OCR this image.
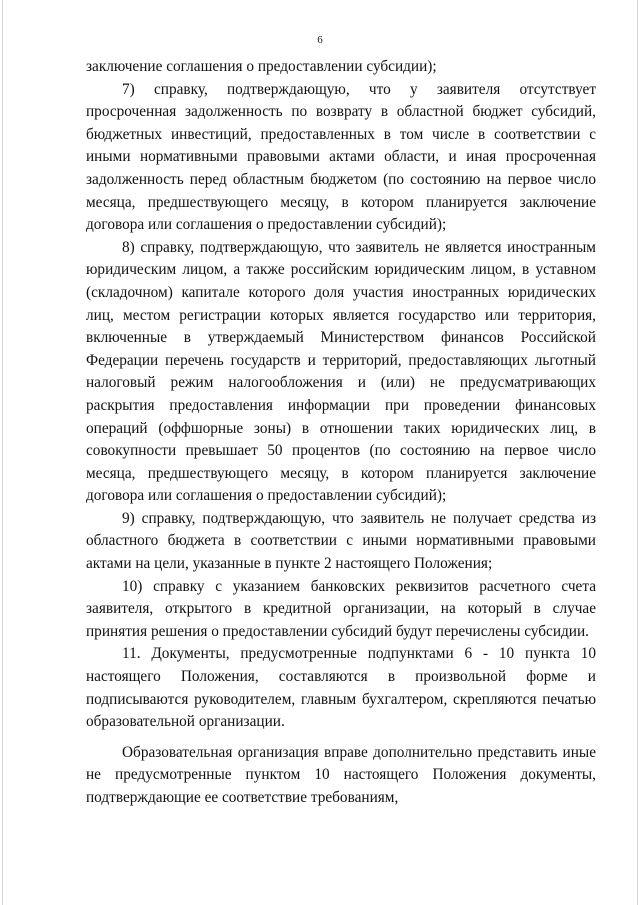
6

заключение соглашения о предоставлении субсидии);

7) справку, подтверждающую, что у заявителя отсутствует просроченная задолженность по возврату в областной бюджет субсидий, бюджетных инвестиций, предоставленных в том числе в соответствии с иными нормативными правовыми актами области, и иная просроченная задолженность перед областным бюджетом (по состоянию на первое число месяца, предшествующего месяцу, в котором планируется заключение договора или соглашения о предоставлении субсидий);

8) справку, подтверждающую, что заявитель не является иностранным юридическим лицом, а также российским юридическим лицом, в уставном (складочном) капитале которого доля участия иностранных юридических лиц, местом регистрации которых является государство или территория, включенные в утверждаемый Министерством финансов Российской Федерации перечень государств и территорий, предоставляющих льготный налоговый режим налогообложения и (или) не предусматривающих раскрытия предоставления информации при проведении финансовых операций (оффшорные зоны) в отношении таких юридических лиц, в совокупности превышает 50 процентов (по состоянию на первое число месяца, предшествующего месяцу, в котором планируется заключение договора или соглашения о предоставлении субсидий);

9) справку, подтверждающую, что заявитель не получает средства из областного бюджета в соответствии с иными нормативными правовыми актами на цели, указанные в пункте 2 настоящего Положения;

10) справку с указанием банковских реквизитов расчетного счета заявителя, открытого в кредитной организации, на который в случае принятия решения о предоставлении субсидий будут перечислены субсидии.

11. Документы, предусмотренные подпунктами 6 - 10 пункта 10 настоящего Положения, составляются в произвольной форме и подписываются руководителем, главным бухгалтером, скрепляются печатью образовательной организации.

Образовательная организация вправе дополнительно представить иные не предусмотренные пунктом 10 настоящего Положения документы, подтверждающие ее соответствие требованиям,
